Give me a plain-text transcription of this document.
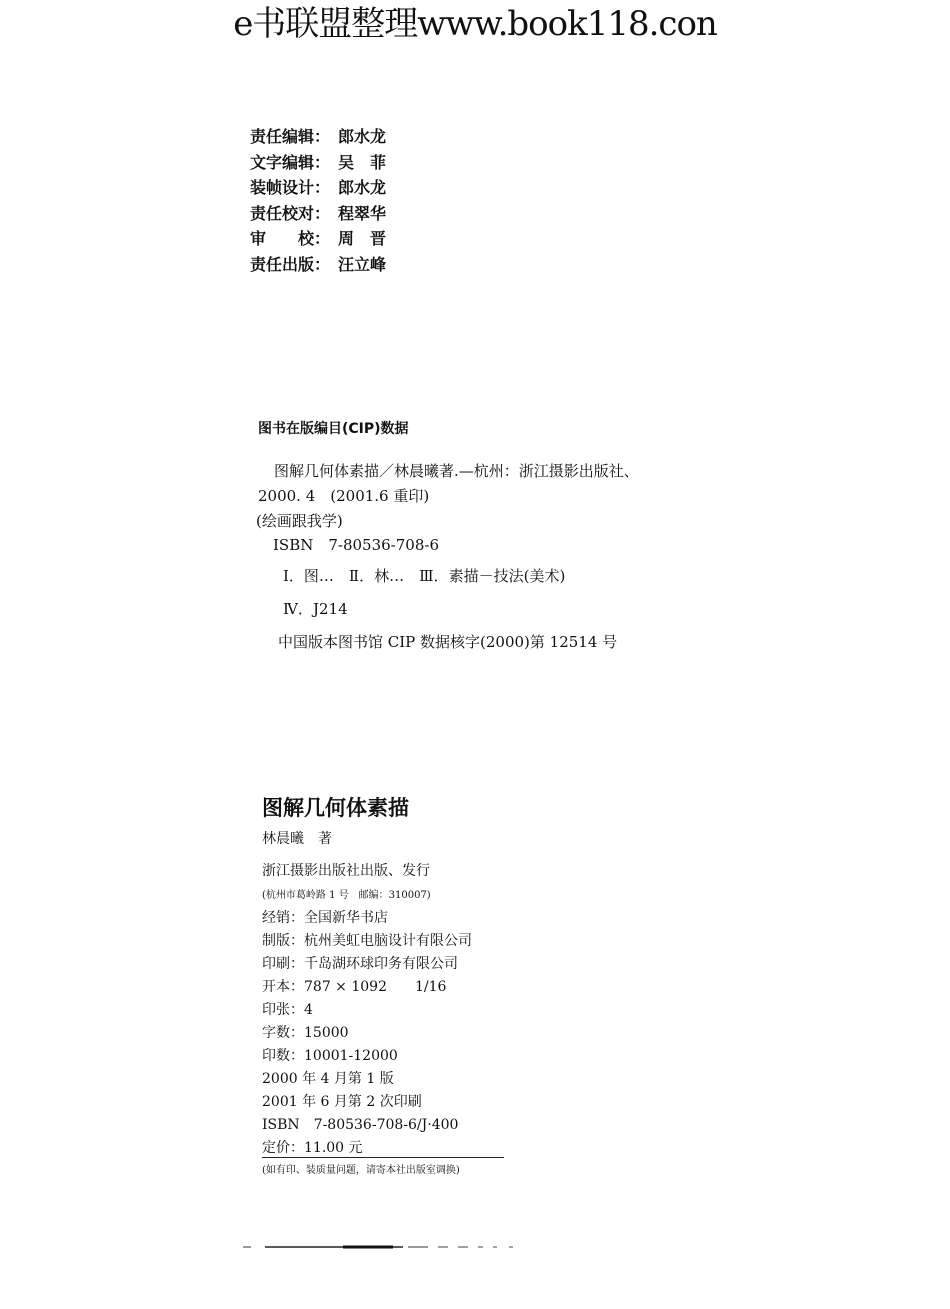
e书联盟整理www.book118.con
责任编辑： 郎水龙
文字编辑： 吴　菲
装帧设计： 郎水龙
责任校对： 程翠华
审　　校： 周　晋
责任出版： 汪立峰
图书在版编目(CIP)数据
图解几何体素描／林晨曦著.—杭州：浙江摄影出版社、
2000. 4　(2001.6 重印)
(绘画跟我学)
ISBN　7-80536-708-6
Ⅰ．图…　Ⅱ．林…　Ⅲ．素描－技法(美术)
Ⅳ．J214
中国版本图书馆 CIP 数据核字(2000)第 12514 号
图解几何体素描
林晨曦　著
浙江摄影出版社出版、发行
(杭州市葛岭路 1 号　邮编：310007)
经销：全国新华书店
制版：杭州美虹电脑设计有限公司
印刷：千岛湖环球印务有限公司
开本：787 × 1092　　1/16
印张：4
字数：15000
印数：10001-12000
2000 年 4 月第 1 版
2001 年 6 月第 2 次印刷
ISBN　7-80536-708-6/J·400
定价：11.00 元
(如有印、装质量问题，请寄本社出版室调换)
